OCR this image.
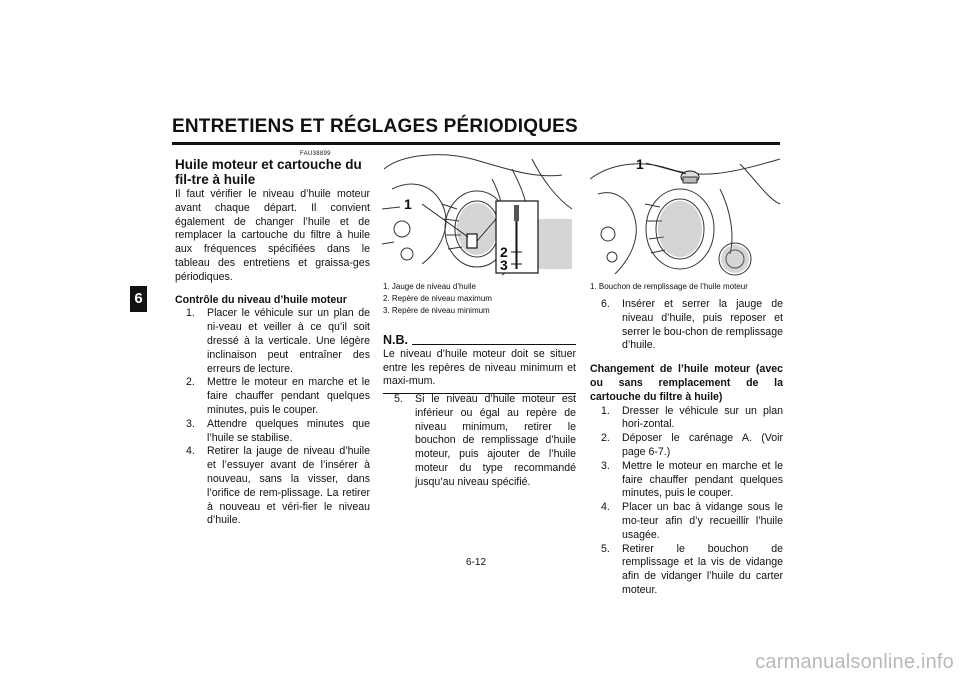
ENTRETIENS ET RÉGLAGES PÉRIODIQUES
6
FAU38899
Huile moteur et cartouche du fil-tre à huile

Il faut vérifier le niveau d’huile moteur avant chaque départ. Il convient également de changer l’huile et de remplacer la cartouche du filtre à huile aux fréquences spécifiées dans le tableau des entretiens et graissa-ges périodiques.

Contrôle du niveau d’huile moteur

1.	Placer le véhicule sur un plan de ni-veau et veiller à ce qu’il soit dressé à la verticale. Une légère inclinaison peut entraîner des erreurs de lecture.
2.	Mettre le moteur en marche et le faire chauffer pendant quelques minutes, puis le couper.
3.	Attendre quelques minutes que l’huile se stabilise.
4.	Retirer la jauge de niveau d’huile et l’essuyer avant de l’insérer à nouveau, sans la visser, dans l’orifice de rem-plissage. La retirer à nouveau et véri-fier le niveau d’huile.
1
2
3
1. Jauge de niveau d’huile
2. Repère de niveau maximum
3. Repère de niveau minimum
N.B.

Le niveau d’huile moteur doit se situer entre les repères de niveau minimum et maxi-mum.

5.	Si le niveau d’huile moteur est inférieur ou égal au repère de niveau minimum, retirer le bouchon de remplissage d’huile moteur, puis ajouter de l’huile moteur du type recommandé jusqu’au niveau spécifié.
1
1. Bouchon de remplissage de l’huile moteur
6.	Insérer et serrer la jauge de niveau d’huile, puis reposer et serrer le bou-chon de remplissage d’huile.

Changement de l’huile moteur (avec ou sans remplacement de la cartouche du filtre à huile)

1.	Dresser le véhicule sur un plan hori-zontal.
2.	Déposer le carénage A. (Voir page 6-7.)
3.	Mettre le moteur en marche et le faire chauffer pendant quelques minutes, puis le couper.
4.	Placer un bac à vidange sous le mo-teur afin d’y recueillir l’huile usagée.
5.	Retirer le bouchon de remplissage et la vis de vidange afin de vidanger l’huile du carter moteur.
6-12
carmanualsonline.info
